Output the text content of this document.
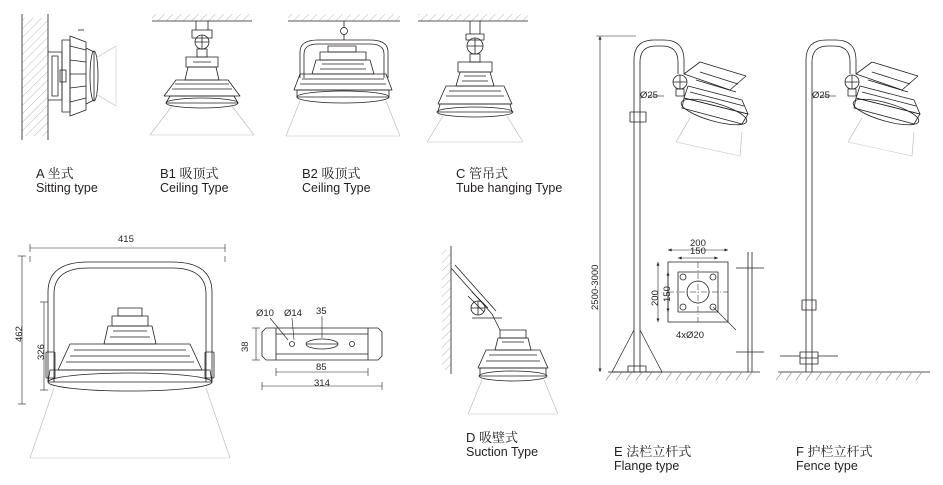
A 坐式
Sitting type
B1 吸顶式
Ceiling Type
B2 吸顶式
Ceiling Type
C 管吊式
Tube hanging Type
D 吸壁式
Suction Type	E 法栏立杆式
Flange type
F 护栏立杆式
Fence type
415
462
326
314
85
35
38
Ø10 Ø14
Ø25	Ø25
2500-3000
200
150
200 150
4xØ20
